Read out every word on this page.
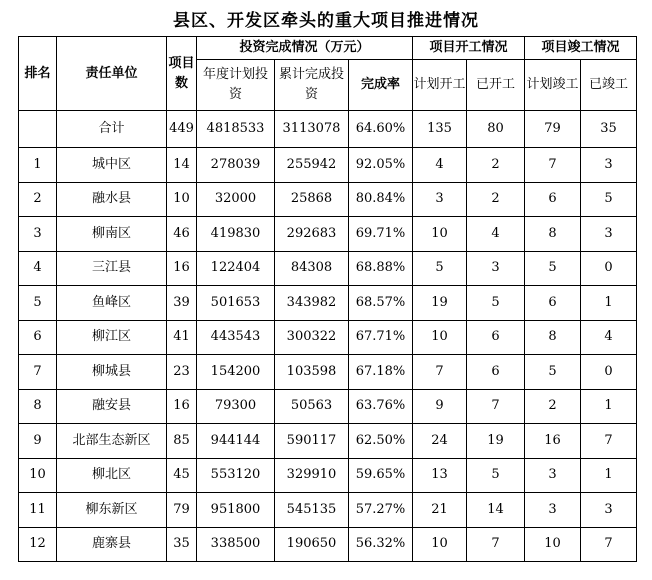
县区、开发区牵头的重大项目推进情况
排名	责任单位	项目数	投资完成情况（万元）			项目开工情况		项目竣工情况	
			年度计划投资	累计完成投资	完成率	计划开工	已开工	计划竣工	已竣工
	合计	449	4818533	3113078	64.60%	135	80	79	35
1	城中区	14	278039	255942	92.05%	4	2	7	3
2	融水县	10	32000	25868	80.84%	3	2	6	5
3	柳南区	46	419830	292683	69.71%	10	4	8	3
4	三江县	16	122404	84308	68.88%	5	3	5	0
5	鱼峰区	39	501653	343982	68.57%	19	5	6	1
6	柳江区	41	443543	300322	67.71%	10	6	8	4
7	柳城县	23	154200	103598	67.18%	7	6	5	0
8	融安县	16	79300	50563	63.76%	9	7	2	1
9	北部生态新区	85	944144	590117	62.50%	24	19	16	7
10	柳北区	45	553120	329910	59.65%	13	5	3	1
11	柳东新区	79	951800	545135	57.27%	21	14	3	3
12	鹿寨县	35	338500	190650	56.32%	10	7	10	7
